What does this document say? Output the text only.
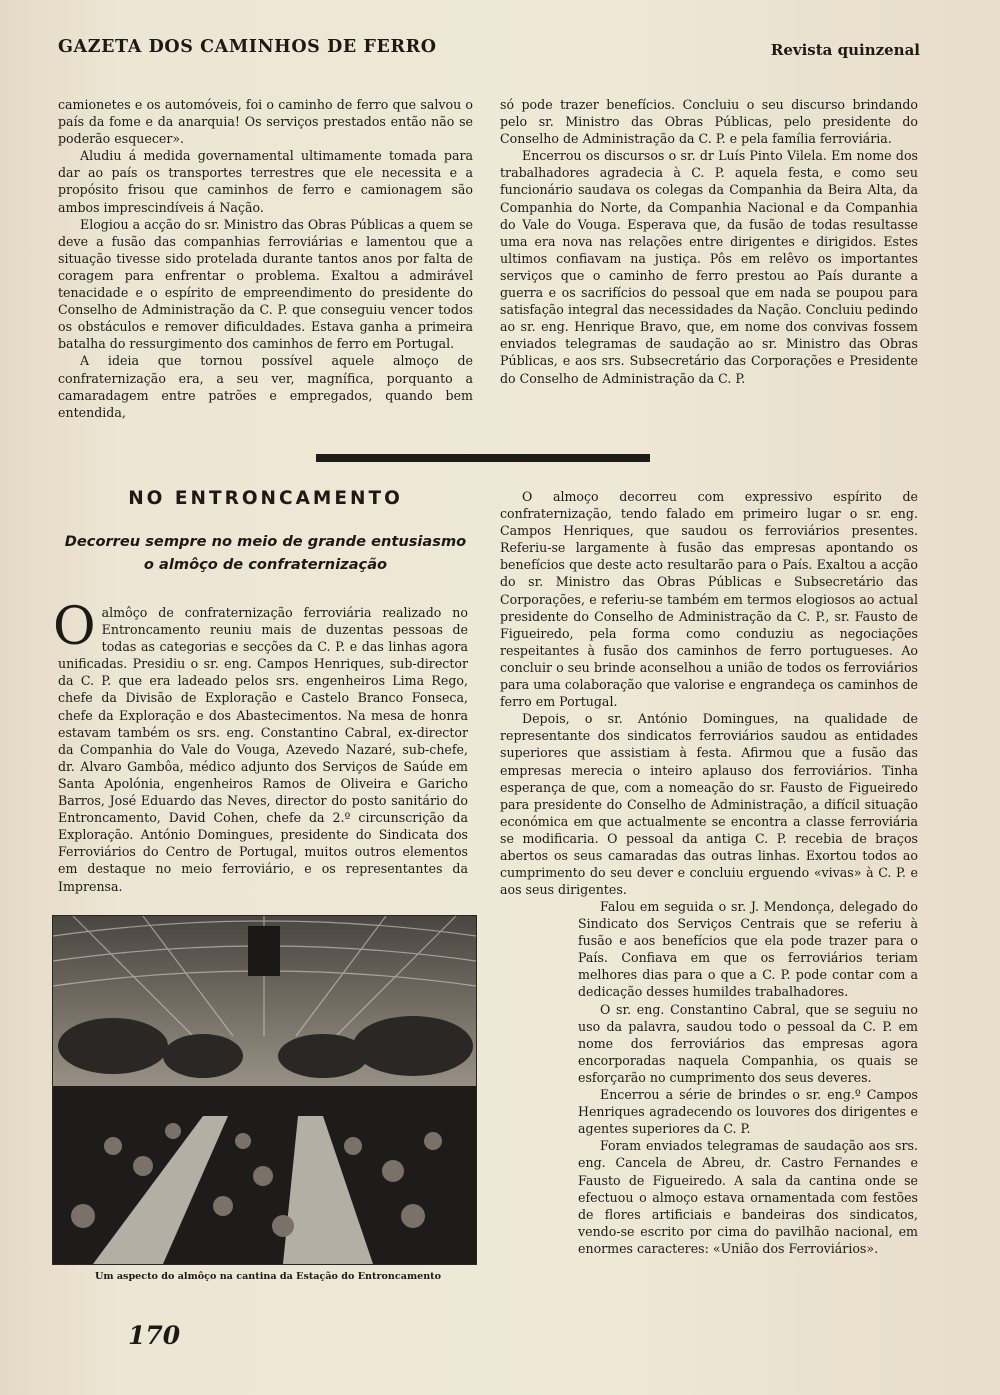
GAZETA DOS CAMINHOS DE FERRO	Revista quinzenal

camionetes e os automóveis, foi o caminho de ferro que salvou o país da fome e da anarquia! Os serviços prestados então não se poderão esquecer».

Aludiu á medida governamental ultimamente tomada para dar ao país os transportes terrestres que ele necessita e a propósito frisou que caminhos de ferro e camionagem são ambos imprescindíveis á Nação.

Elogiou a acção do sr. Ministro das Obras Públicas a quem se deve a fusão das companhias ferroviárias e lamentou que a situação tivesse sido protelada durante tantos anos por falta de coragem para enfrentar o problema. Exaltou a admirável tenacidade e o espírito de empreendimento do presidente do Conselho de Administração da C. P. que conseguiu vencer todos os obstáculos e remover dificuldades. Estava ganha a primeira batalha do ressurgimento dos caminhos de ferro em Portugal.

A ideia que tornou possível aquele almoço de confraternização era, a seu ver, magnífica, porquanto a camaradagem entre patrões e empregados, quando bem entendida,

só pode trazer benefícios. Concluiu o seu discurso brindando pelo sr. Ministro das Obras Públicas, pelo presidente do Conselho de Administração da C. P. e pela família ferroviária.

Encerrou os discursos o sr. dr Luís Pinto Vilela. Em nome dos trabalhadores agradecia à C. P. aquela festa, e como seu funcionário saudava os colegas da Companhia da Beira Alta, da Companhia do Norte, da Companhia Nacional e da Companhia do Vale do Vouga. Esperava que, da fusão de todas resultasse uma era nova nas relações entre dirigentes e dirigidos. Estes ultimos confiavam na justiça. Pôs em relêvo os importantes serviços que o caminho de ferro prestou ao País durante a guerra e os sacrifícios do pessoal que em nada se poupou para satisfação integral das necessidades da Nação. Concluiu pedindo ao sr. eng. Henrique Bravo, que, em nome dos convivas fossem enviados telegramas de saudação ao sr. Ministro das Obras Públicas, e aos srs. Subsecretário das Corporações e Presidente do Conselho de Administração da C. P.

NO ENTRONCAMENTO
Decorreu sempre no meio de grande entusiasmo
o almôço de confraternização

Oalmôço de confraternização ferroviária realizado no Entroncamento reuniu mais de duzentas pessoas de todas as categorias e secções da C. P. e das linhas agora unificadas. Presidiu o sr. eng. Campos Henriques, sub-director da C. P. que era ladeado pelos srs. engenheiros Lima Rego, chefe da Divisão de Exploração e Castelo Branco Fonseca, chefe da Exploração e dos Abastecimentos. Na mesa de honra estavam também os srs. eng. Constantino Cabral, ex-director da Companhia do Vale do Vouga, Azevedo Nazaré, sub-chefe, dr. Alvaro Gambôa, médico adjunto dos Serviços de Saúde em Santa Apolónia, engenheiros Ramos de Oliveira e Garicho Barros, José Eduardo das Neves, director do posto sanitário do Entroncamento, David Cohen, chefe da 2.º circunscrição da Exploração. António Domingues, presidente do Sindicata dos Ferroviários do Centro de Portugal, muitos outros elementos em destaque no meio ferroviário, e os representantes da Imprensa.

Um aspecto do almôço na cantina da Estação do Entroncamento

O almoço decorreu com expressivo espírito de confraternização, tendo falado em primeiro lugar o sr. eng. Campos Henriques, que saudou os ferroviários presentes. Referiu-se largamente à fusão das empresas apontando os benefícios que deste acto resultarão para o País. Exaltou a acção do sr. Ministro das Obras Públicas e Subsecretário das Corporações, e referiu-se também em termos elogiosos ao actual presidente do Conselho de Administração da C. P., sr. Fausto de Figueiredo, pela forma como conduziu as negociações respeitantes à fusão dos caminhos de ferro portugueses. Ao concluir o seu brinde aconselhou a união de todos os ferroviários para uma colaboração que valorise e engrandeça os caminhos de ferro em Portugal.

Depois, o sr. António Domingues, na qualidade de representante dos sindicatos ferroviários saudou as entidades superiores que assistiam à festa. Afirmou que a fusão das empresas merecia o inteiro aplauso dos ferroviários. Tinha esperança de que, com a nomeação do sr. Fausto de Figueiredo para presidente do Conselho de Administração, a difícil situação económica em que actualmente se encontra a classe ferroviária se modificaria. O pessoal da antiga C. P. recebia de braços abertos os seus camaradas das outras linhas. Exortou todos ao cumprimento do seu dever e concluiu erguendo «vivas» à C. P. e aos seus dirigentes.

Falou em seguida o sr. J. Mendonça, delegado do Sindicato dos Serviços Centrais que se referiu à fusão e aos benefícios que ela pode trazer para o País. Confiava em que os ferroviários teriam melhores dias para o que a C. P. pode contar com a dedicação desses humildes trabalhadores.

O sr. eng. Constantino Cabral, que se seguiu no uso da palavra, saudou todo o pessoal da C. P. em nome dos ferroviários das empresas agora encorporadas naquela Companhia, os quais se esforçarão no cumprimento dos seus deveres.

Encerrou a série de brindes o sr. eng.º Campos Henriques agradecendo os louvores dos dirigentes e agentes superiores da C. P.

Foram enviados telegramas de saudação aos srs. eng. Cancela de Abreu, dr. Castro Fernandes e Fausto de Figueiredo. A sala da cantina onde se efectuou o almoço estava ornamentada com festões de flores artificiais e bandeiras dos sindicatos, vendo-se escrito por cima do pavilhão nacional, em enormes caracteres: «União dos Ferroviários».

170
